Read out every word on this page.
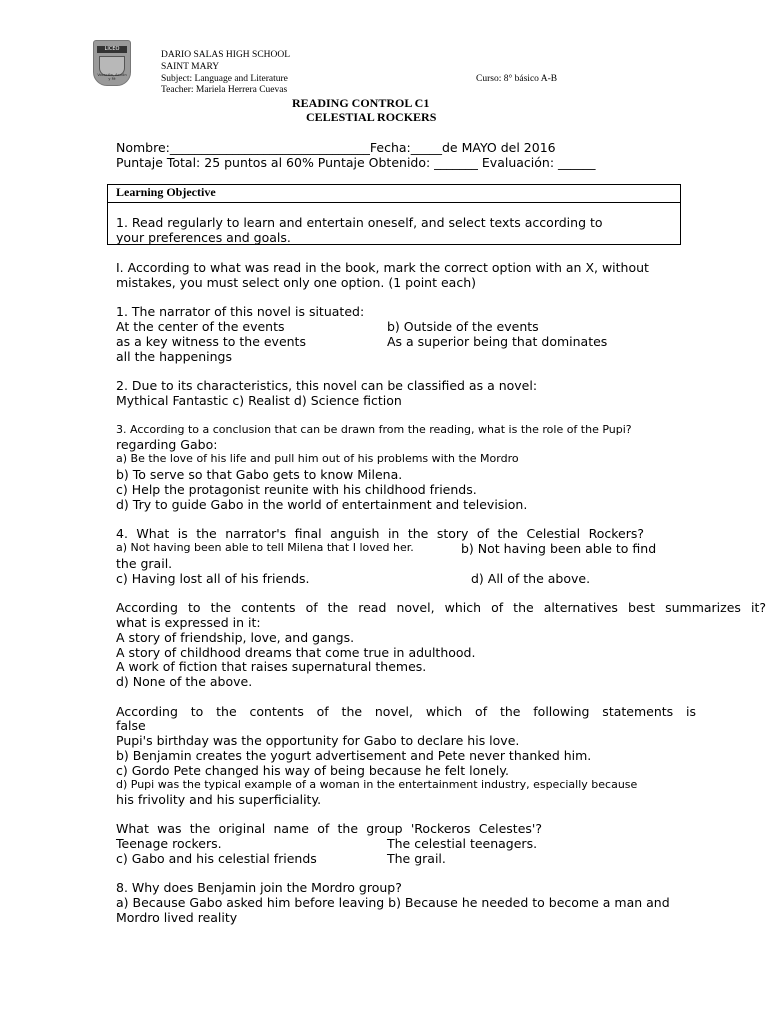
LICEO
Vocación, Acción y Fé
DARIO SALAS HIGH SCHOOL
SAINT MARY
Subject: Language and Literature
Teacher: Mariela Herrera Cuevas
Curso: 8° básico A-B
READING CONTROL C1
CELESTIAL ROCKERS
Nombre:________________________________Fecha:_____de MAYO del 2016
Puntaje Total: 25 puntos al 60% Puntaje Obtenido: _______ Evaluación: ______
Learning Objective
1. Read regularly to learn and entertain oneself, and select texts according to
your preferences and goals.
I. According to what was read in the book, mark the correct option with an X, without
mistakes, you must select only one option. (1 point each)
1. The narrator of this novel is situated:
At the center of the events	b) Outside of the events
as a key witness to the events	As a superior being that dominates
all the happenings
2. Due to its characteristics, this novel can be classified as a novel:
Mythical Fantastic c) Realist d) Science fiction
3. According to a conclusion that can be drawn from the reading, what is the role of the Pupi?
regarding Gabo:
a) Be the love of his life and pull him out of his problems with the Mordro
b) To serve so that Gabo gets to know Milena.
c) Help the protagonist reunite with his childhood friends.
d) Try to guide Gabo in the world of entertainment and television.
4. What is the narrator's final anguish in the story of the Celestial Rockers?
a) Not having been able to tell Milena that I loved her.	b) Not having been able to find
the grail.
c) Having lost all of his friends.	d) All of the above.
According to the contents of the read novel, which of the alternatives best summarizes it?
what is expressed in it:
A story of friendship, love, and gangs.
A story of childhood dreams that come true in adulthood.
A work of fiction that raises supernatural themes.
d) None of the above.
According to the contents of the novel, which of the following statements is
false
Pupi's birthday was the opportunity for Gabo to declare his love.
b) Benjamin creates the yogurt advertisement and Pete never thanked him.
c) Gordo Pete changed his way of being because he felt lonely.
d) Pupi was the typical example of a woman in the entertainment industry, especially because
his frivolity and his superficiality.
What was the original name of the group 'Rockeros Celestes'?
Teenage rockers.	The celestial teenagers.
c) Gabo and his celestial friends	The grail.
8. Why does Benjamin join the Mordro group?
a) Because Gabo asked him before leaving b) Because he needed to become a man and
Mordro lived reality
